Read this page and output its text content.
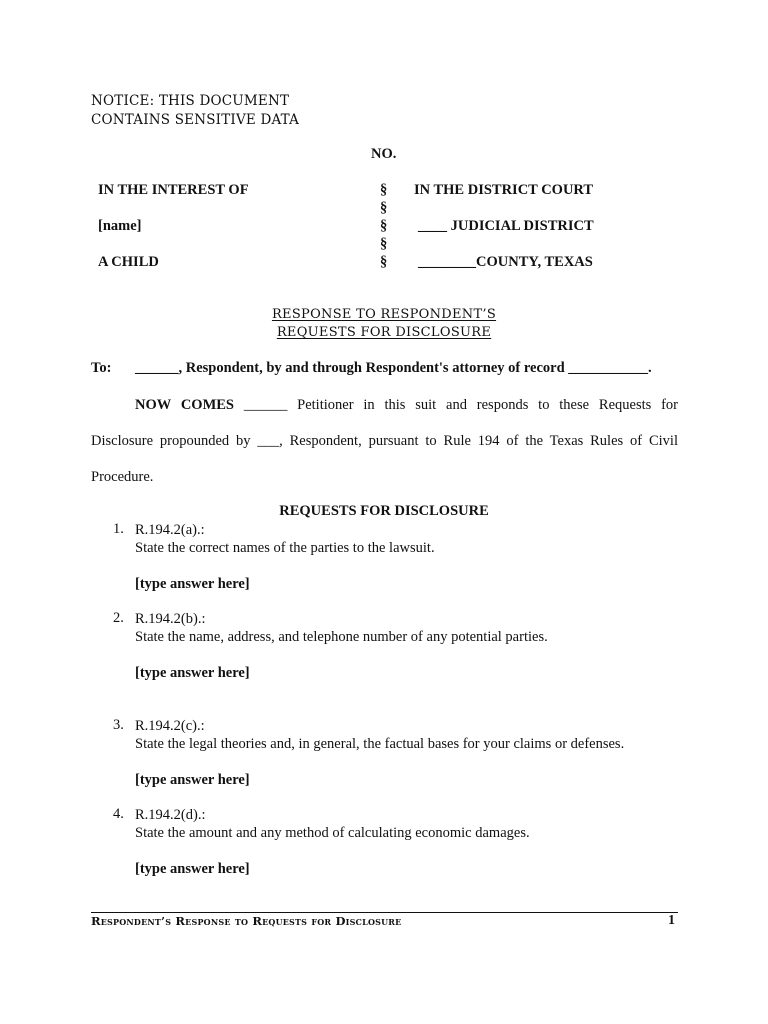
NOTICE: THIS DOCUMENT
CONTAINS SENSITIVE DATA
NO.
IN THE INTEREST OF
[name]
A CHILD
§
§
§
§
§
IN THE DISTRICT COURT
____ JUDICIAL DISTRICT
________COUNTY, TEXAS
RESPONSE TO RESPONDENT’S
REQUESTS FOR DISCLOSURE
To: ______, Respondent, by and through Respondent's attorney of record ___________.
NOW COMES ______ Petitioner in this suit and responds to these Requests for Disclosure propounded by ___, Respondent, pursuant to Rule 194 of the Texas Rules of Civil Procedure.
REQUESTS FOR DISCLOSURE
1. R.194.2(a).:
State the correct names of the parties to the lawsuit.
[type answer here]
2. R.194.2(b).:
State the name, address, and telephone number of any potential parties.
[type answer here]
3. R.194.2(c).:
State the legal theories and, in general, the factual bases for your claims or defenses.
[type answer here]
4. R.194.2(d).:
State the amount and any method of calculating economic damages.
[type answer here]
Respondent’s Response to Requests for Disclosure	1
